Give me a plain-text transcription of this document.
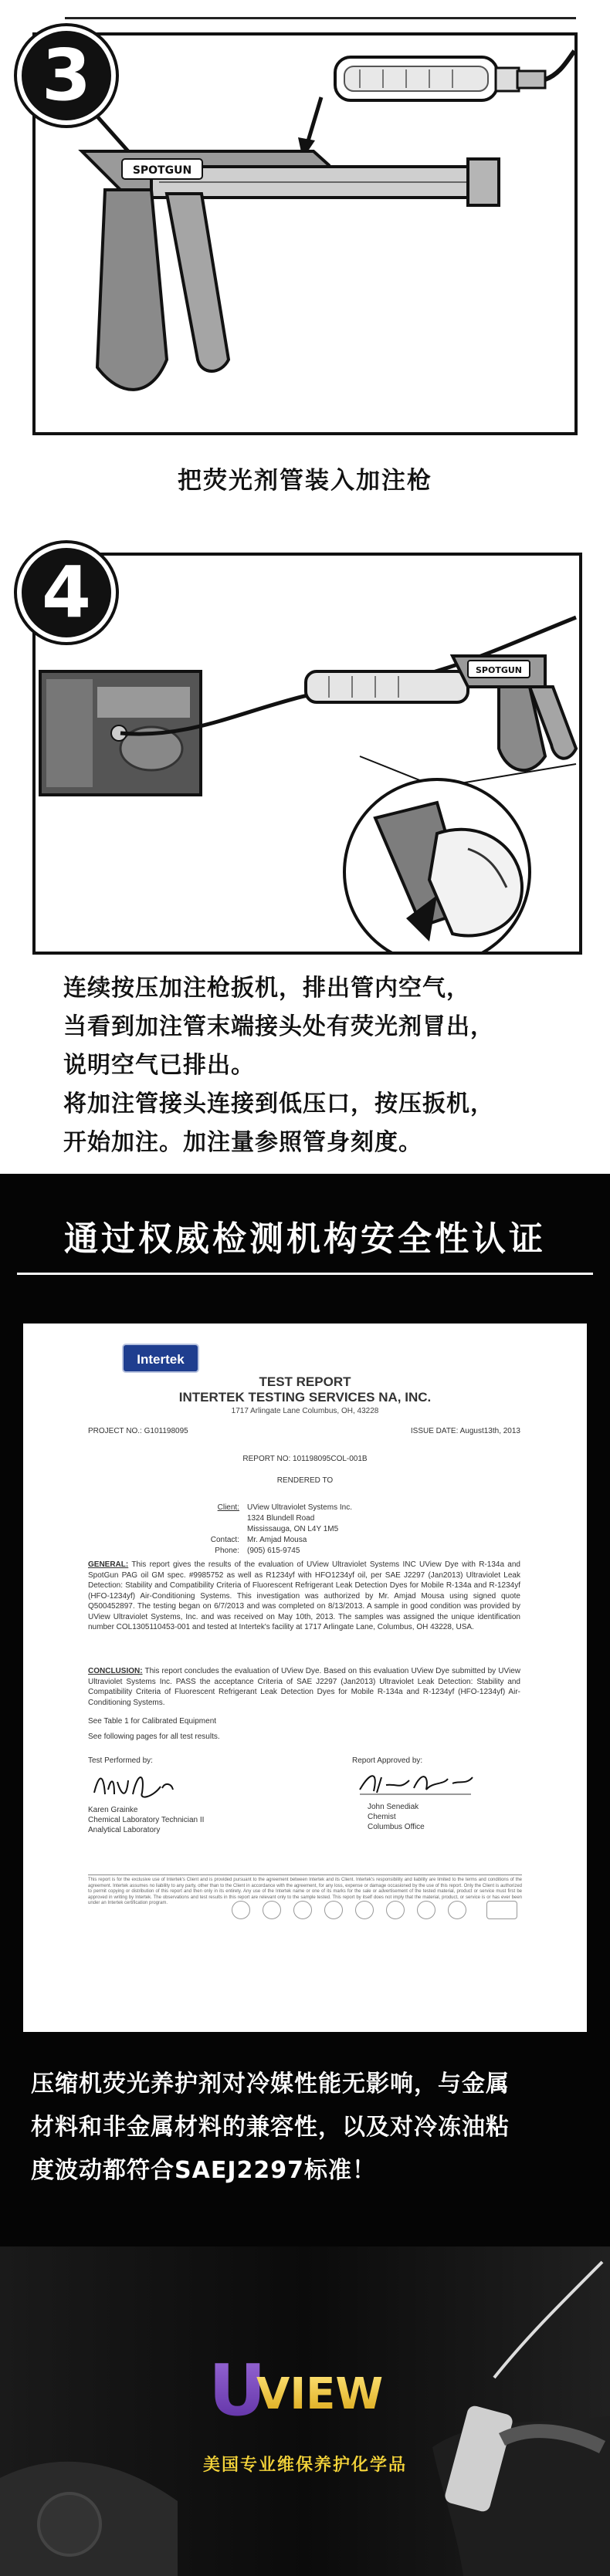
SPOTGUN
3
把荧光剂管装入加注枪
SPOTGUN
4
连续按压加注枪扳机，排出管内空气，
当看到加注管末端接头处有荧光剂冒出，
说明空气已排出。
将加注管接头连接到低压口，按压扳机，
开始加注。加注量参照管身刻度。
通过权威检测机构安全性认证
Intertek
TEST REPORT
INTERTEK TESTING SERVICES NA, INC.
1717 Arlingate Lane Columbus, OH, 43228
PROJECT NO.: G101198095	ISSUE DATE: August13th, 2013
REPORT NO: 101198095COL-001B
RENDERED TO
Client: UView Ultraviolet Systems Inc.
1324 Blundell Road
Mississauga, ON L4Y 1M5
Contact: Mr. Amjad Mousa
Phone: (905) 615-9745
GENERAL: This report gives the results of the evaluation of UView Ultraviolet Systems INC UView Dye with R-134a and SpotGun PAG oil GM spec. #9985752 as well as R1234yf with HFO1234yf oil, per SAE J2297 (Jan2013) Ultraviolet Leak Detection: Stability and Compatibility Criteria of Fluorescent Refrigerant Leak Detection Dyes for Mobile R-134a and R-1234yf (HFO-1234yf) Air-Conditioning Systems. This investigation was authorized by Mr. Amjad Mousa using signed quote Q500452897. The testing began on 6/7/2013 and was completed on 8/13/2013. A sample in good condition was provided by UView Ultraviolet Systems, Inc. and was received on May 10th, 2013. The samples was assigned the unique identification number COL1305110453-001 and tested at Intertek's facility at 1717 Arlingate Lane, Columbus, OH 43228, USA.
CONCLUSION: This report concludes the evaluation of UView Dye. Based on this evaluation UView Dye submitted by UView Ultraviolet Systems Inc. PASS the acceptance Criteria of SAE J2297 (Jan2013) Ultraviolet Leak Detection: Stability and Compatibility Criteria of Fluorescent Refrigerant Leak Detection Dyes for Mobile R-134a and R-1234yf (HFO-1234yf) Air-Conditioning Systems.
See Table 1 for Calibrated Equipment
See following pages for all test results.
Test Performed by:	Report Approved by:
Karen Grainke
Chemical Laboratory Technician II
Analytical Laboratory
John Senediak
Chemist
Columbus Office
This report is for the exclusive use of Intertek's Client and is provided pursuant to the agreement between Intertek and its Client. Intertek's responsibility and liability are limited to the terms and conditions of the agreement. Intertek assumes no liability to any party, other than to the Client in accordance with the agreement, for any loss, expense or damage occasioned by the use of this report. Only the Client is authorized to permit copying or distribution of this report and then only in its entirety. Any use of the Intertek name or one of its marks for the sale or advertisement of the tested material, product or service must first be approved in writing by Intertek. The observations and test results in this report are relevant only to the sample tested. This report by itself does not imply that the material, product, or service is or has ever been under an Intertek certification program.
压缩机荧光养护剂对冷媒性能无影响，与金属
材料和非金属材料的兼容性，以及对冷冻油粘
度波动都符合SAEJ2297标准！
U
VIEW
美国专业维保养护化学品
